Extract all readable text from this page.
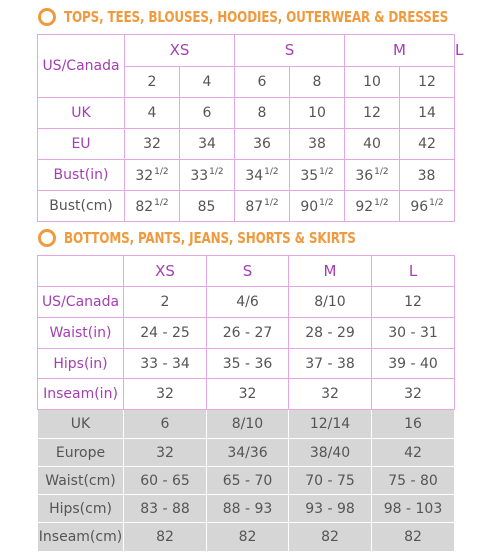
TOPS, TEES, BLOUSES, HOODIES, OUTERWEAR & DRESSES
US/Canada	XS		S		M		L
	2	4	6	8	10	12	
UK	4	6	8	10	12	14	
EU	32	34	36	38	40	42	
Bust(in)	$32^{1/2}$	$33^{1/2}$	$34^{1/2}$	$35^{1/2}$	$36^{1/2}$	38	
Bust(cm)	$82^{1/2}$	85	$87^{1/2}$	$90^{1/2}$	$92^{1/2}$	$96^{1/2}$
BOTTOMS, PANTS, JEANS, SHORTS & SKIRTS
	XS	S	M	L
US/Canada	2	4/6	8/10	12
Waist(in)	24 - 25	26 - 27	28 - 29	30 - 31
Hips(in)	33 - 34	35 - 36	37 - 38	39 - 40
Inseam(in)	32	32	32	32
UK	6	8/10	12/14	16
Europe	32	34/36	38/40	42
Waist(cm)	60 - 65	65 - 70	70 - 75	75 - 80
Hips(cm)	83 - 88	88 - 93	93 - 98	98 - 103
Inseam(cm)	82	82	82	82
